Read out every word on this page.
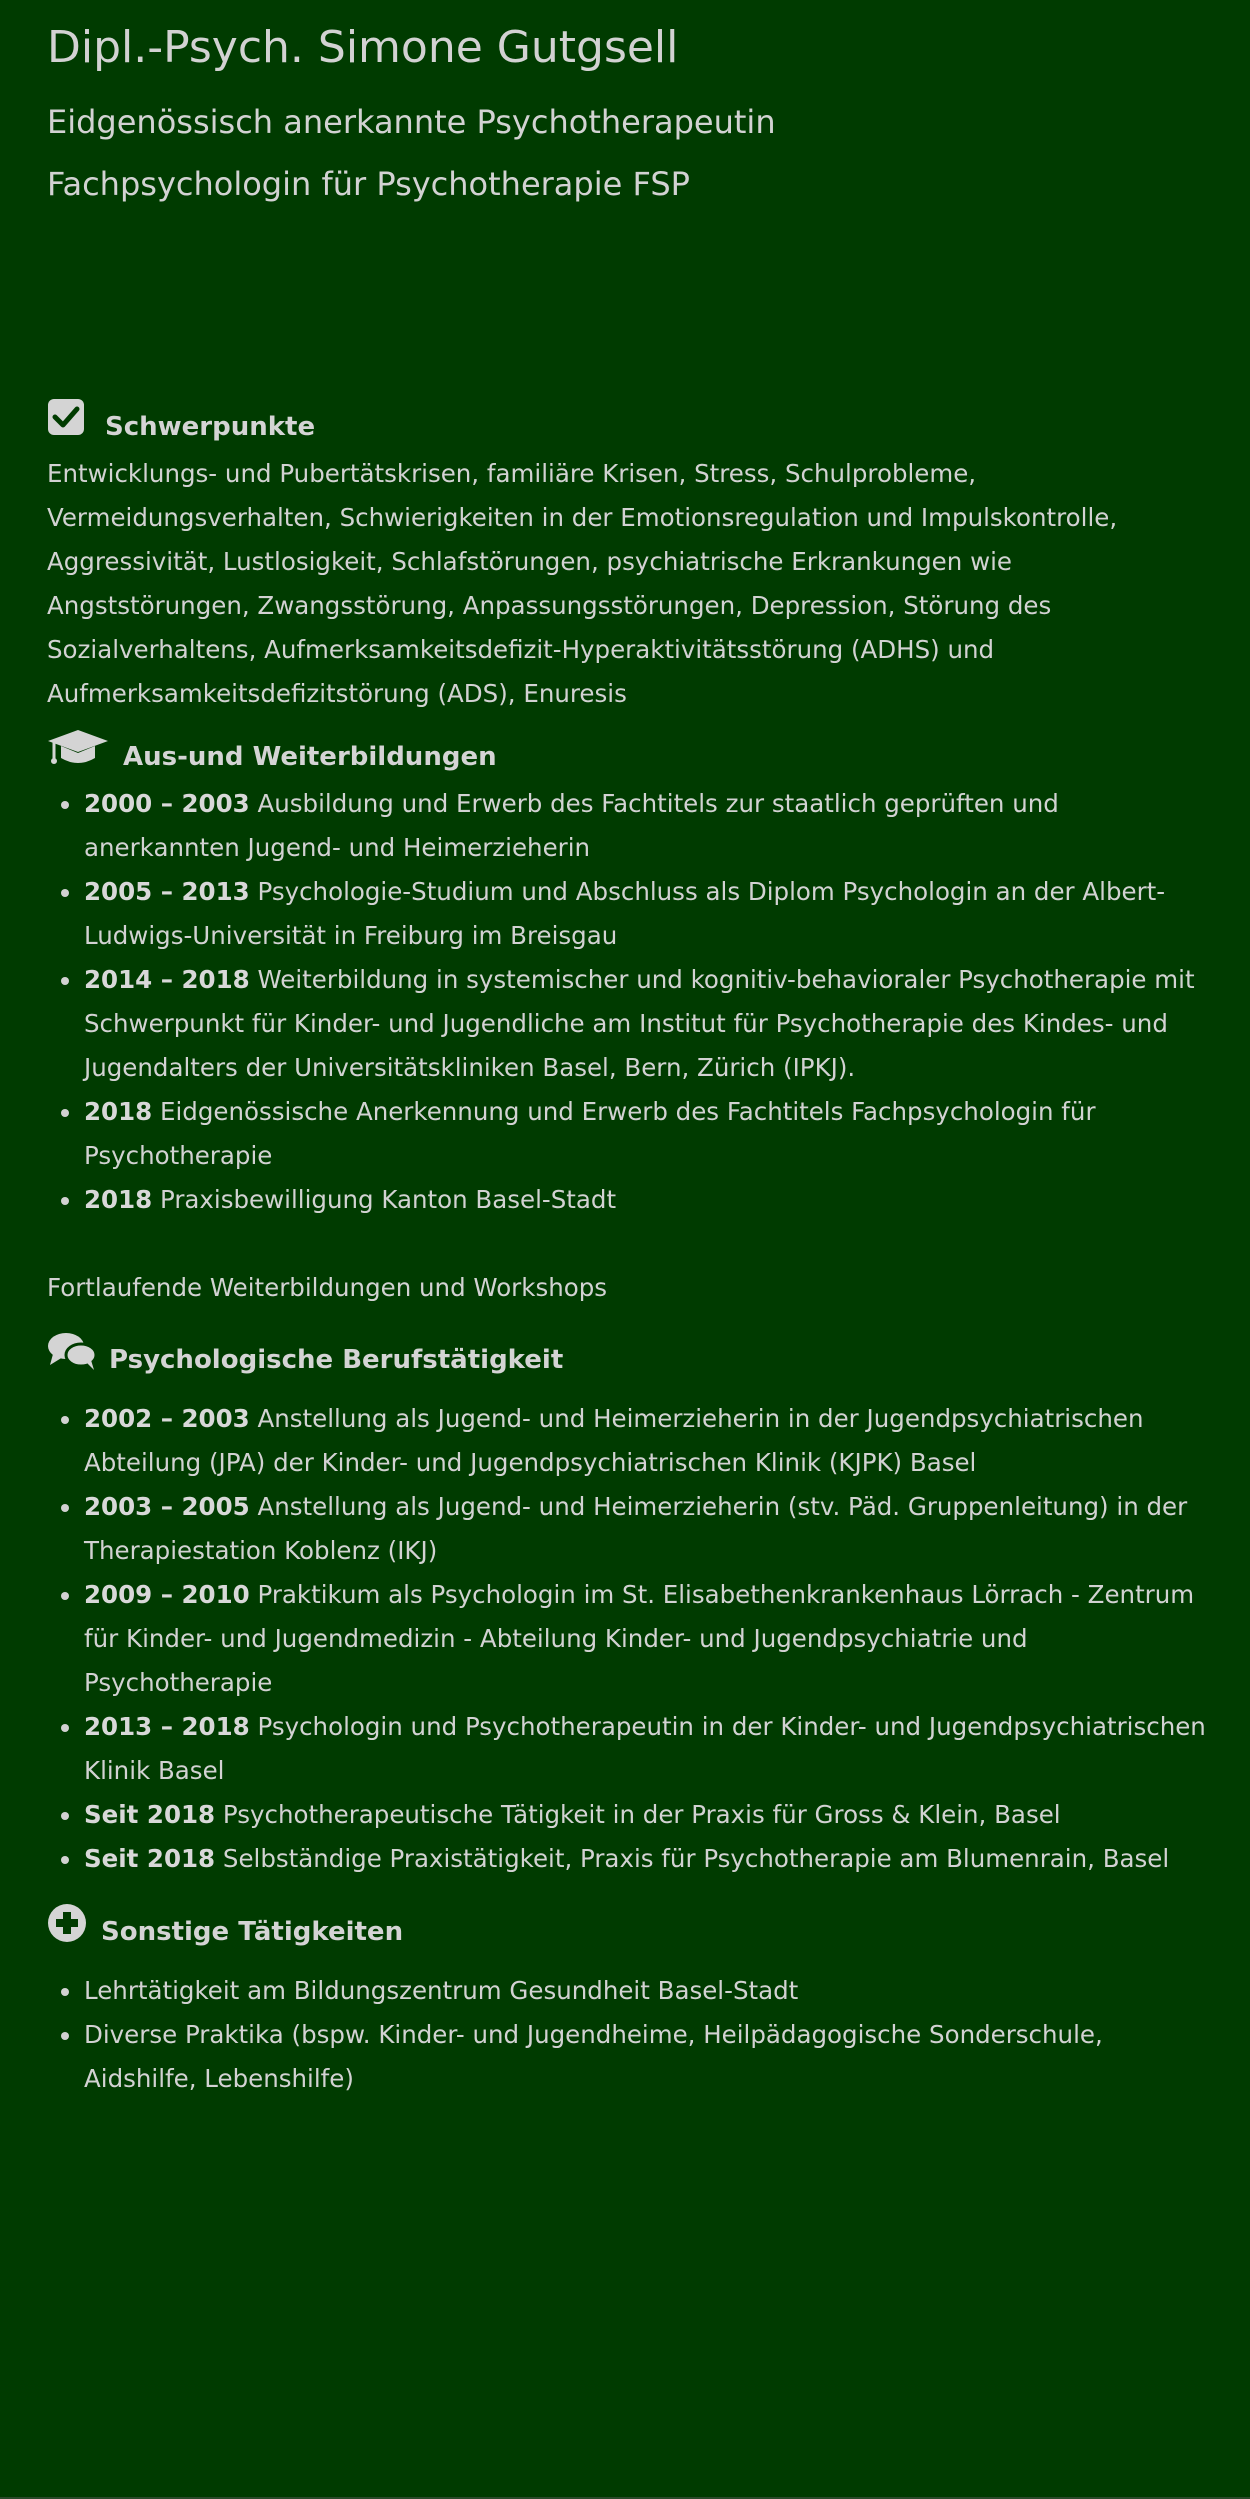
Dipl.-Psych. Simone Gutgsell
Eidgenössisch anerkannte Psychotherapeutin
Fachpsychologin für Psychotherapie FSP
Schwerpunkte

Entwicklungs- und Pubertätskrisen, familiäre Krisen, Stress, Schulprobleme, Vermeidungsverhalten, Schwierigkeiten in der Emotionsregulation und Impulskontrolle, Aggressivität, Lustlosigkeit, Schlafstörungen, psychiatrische Erkrankungen wie Angststörungen, Zwangsstörung, Anpassungsstörungen, Depression, Störung des Sozialverhaltens, Aufmerksamkeitsdefizit-Hyperaktivitätsstörung (ADHS) und Aufmerksamkeitsdefizitstörung (ADS), Enuresis

Aus-und Weiterbildungen
2000 – 2003 Ausbildung und Erwerb des Fachtitels zur staatlich geprüften und anerkannten Jugend- und Heimerzieherin
2005 – 2013 Psychologie-Studium und Abschluss als Diplom Psychologin an der Albert-Ludwigs-Universität in Freiburg im Breisgau
2014 – 2018 Weiterbildung in systemischer und kognitiv-behavioraler Psychotherapie mit Schwerpunkt für Kinder- und Jugendliche am Institut für Psychotherapie des Kindes- und Jugendalters der Universitätskliniken Basel, Bern, Zürich (IPKJ).
2018 Eidgenössische Anerkennung und Erwerb des Fachtitels Fachpsychologin für Psychotherapie
2018 Praxisbewilligung Kanton Basel-Stadt

Fortlaufende Weiterbildungen und Workshops

Psychologische Berufstätigkeit
2002 – 2003 Anstellung als Jugend- und Heimerzieherin in der Jugendpsychiatrischen Abteilung (JPA) der Kinder- und Jugendpsychiatrischen Klinik (KJPK) Basel
2003 – 2005 Anstellung als Jugend- und Heimerzieherin (stv. Päd. Gruppenleitung) in der Therapiestation Koblenz (IKJ)
2009 – 2010 Praktikum als Psychologin im St. Elisabethenkrankenhaus Lörrach - Zentrum für Kinder- und Jugendmedizin - Abteilung Kinder- und Jugendpsychiatrie und Psychotherapie
2013 – 2018 Psychologin und Psychotherapeutin in der Kinder- und Jugendpsychiatrischen Klinik Basel
Seit 2018 Psychotherapeutische Tätigkeit in der Praxis für Gross & Klein, Basel
Seit 2018 Selbständige Praxistätigkeit, Praxis für Psychotherapie am Blumenrain, Basel
Sonstige Tätigkeiten
Lehrtätigkeit am Bildungszentrum Gesundheit Basel-Stadt
Diverse Praktika (bspw. Kinder- und Jugendheime, Heilpädagogische Sonderschule, Aidshilfe, Lebenshilfe)
